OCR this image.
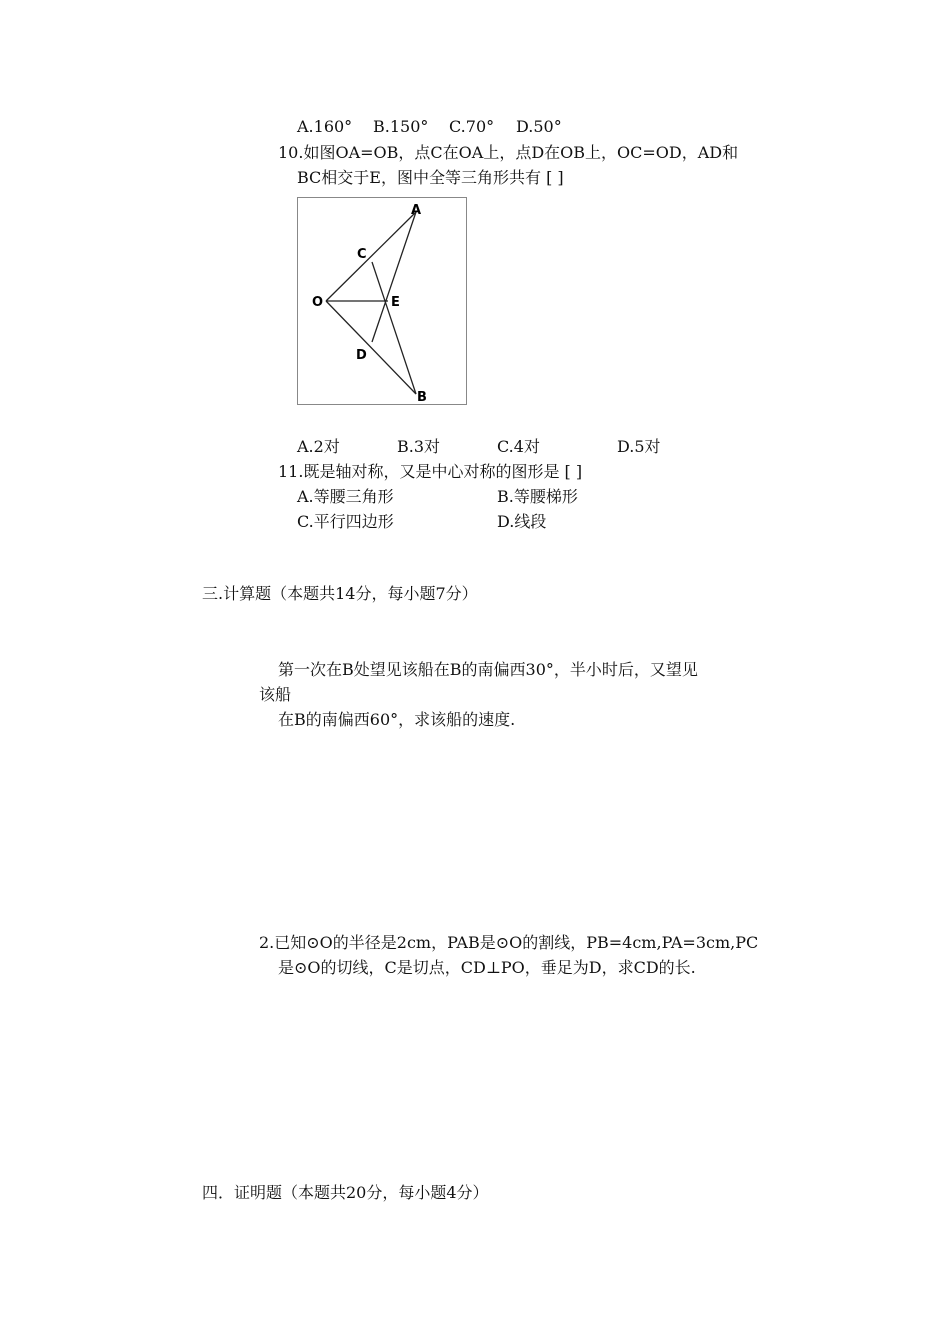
A.160° B.150° C.70° D.50°
10.如图OA=OB，点C在OA上，点D在OB上，OC=OD，AD和
BC相交于E，图中全等三角形共有 [ ]
A
C
O	E
D
B
A.2对	B.3对	C.4对	D.5对
11.既是轴对称，又是中心对称的图形是 [ ]
A.等腰三角形	B.等腰梯形
C.平行四边形	D.线段
三.计算题（本题共14分，每小题7分）
第一次在B处望见该船在B的南偏西30°，半小时后，又望见
该船
在B的南偏西60°，求该船的速度.
2.已知⊙O的半径是2cm，PAB是⊙O的割线，PB=4cm,PA=3cm,PC
是⊙O的切线，C是切点，CD⊥PO，垂足为D，求CD的长.
四．证明题（本题共20分，每小题4分）
